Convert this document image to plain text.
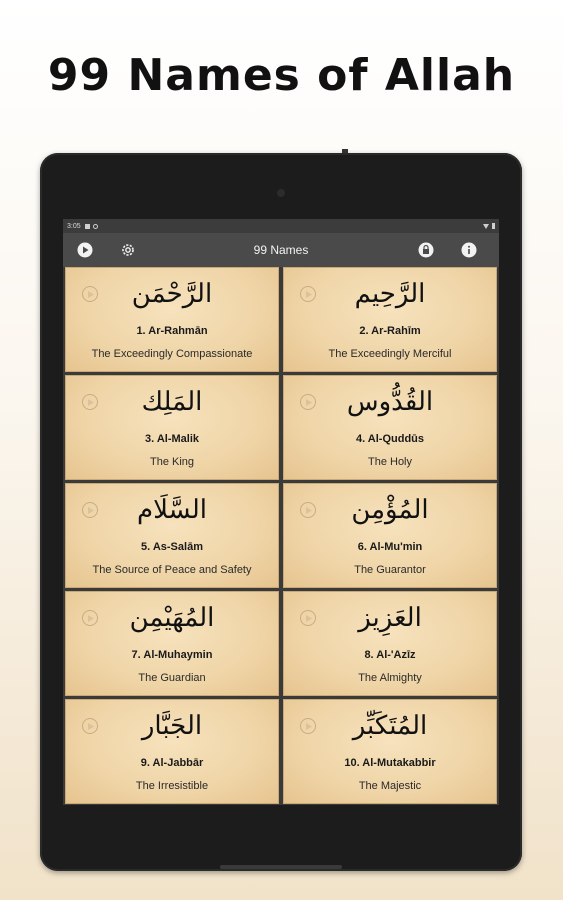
99 Names of Allah
3:05
99 Names
الرَّحْمَن
1. Ar-Rahmān
The Exceedingly Compassionate
الرَّحِيم
2. Ar-Rahīm
The Exceedingly Merciful
المَلِك
3. Al-Malik
The King
القُدُّوس
4. Al-Quddūs
The Holy
السَّلَام
5. As-Salām
The Source of Peace and Safety
المُؤْمِن
6. Al-Mu'min
The Guarantor
المُهَيْمِن
7. Al-Muhaymin
The Guardian
العَزِيز
8. Al-'Azīz
The Almighty
الجَبَّار
9. Al-Jabbār
The Irresistible
المُتَكَبِّر
10. Al-Mutakabbir
The Majestic
